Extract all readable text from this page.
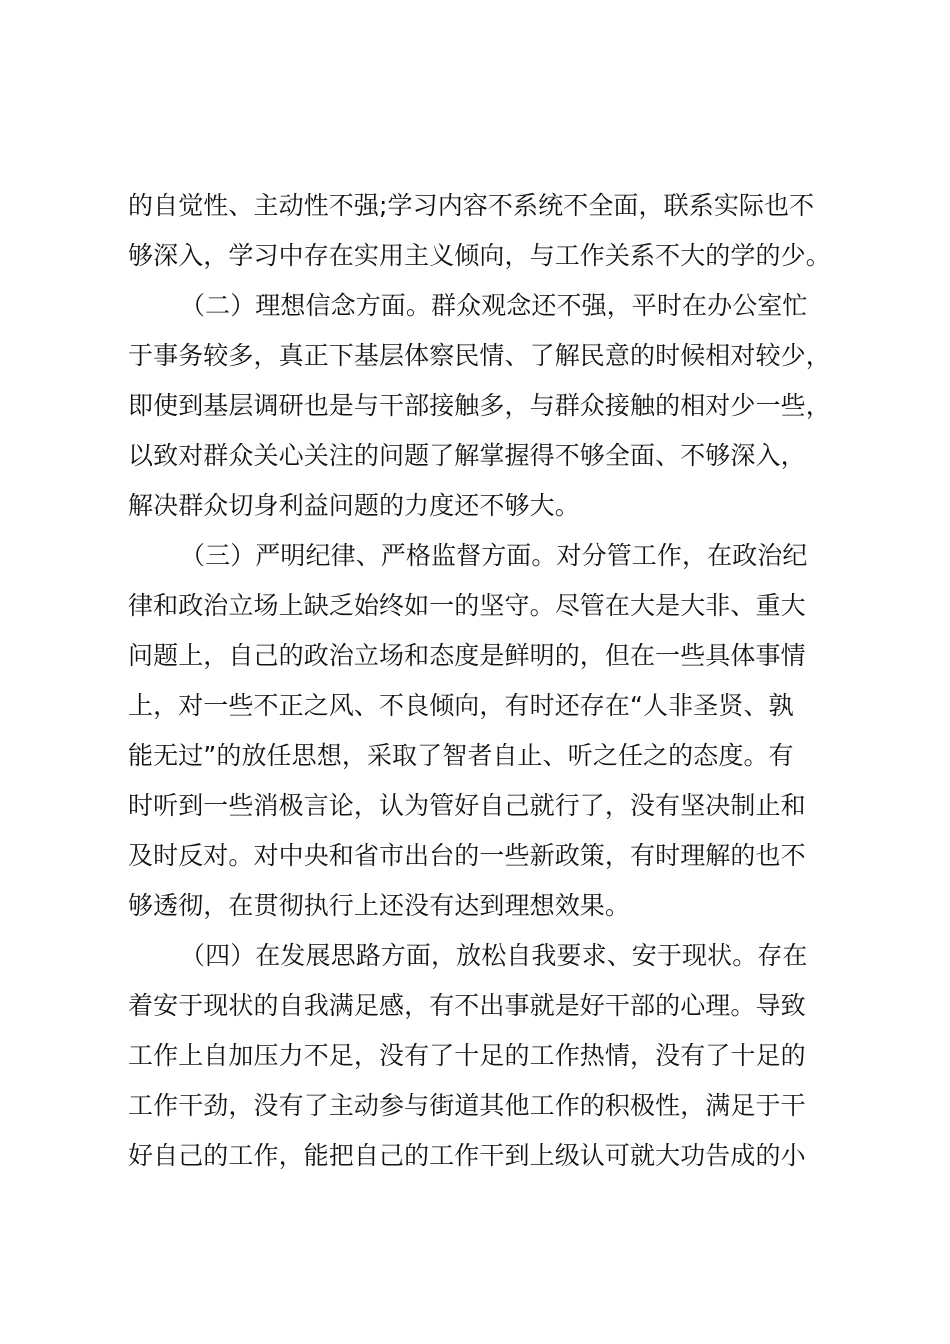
的自觉性、主动性不强;学习内容不系统不全面，联系实际也不
够深入，学习中存在实用主义倾向，与工作关系不大的学的少。
（二）理想信念方面。群众观念还不强，平时在办公室忙
于事务较多，真正下基层体察民情、了解民意的时候相对较少，
即使到基层调研也是与干部接触多，与群众接触的相对少一些，
以致对群众关心关注的问题了解掌握得不够全面、不够深入，
解决群众切身利益问题的力度还不够大。
（三）严明纪律、严格监督方面。对分管工作，在政治纪
律和政治立场上缺乏始终如一的坚守。尽管在大是大非、重大
问题上，自己的政治立场和态度是鲜明的，但在一些具体事情
上，对一些不正之风、不良倾向，有时还存在“人非圣贤、孰
能无过”的放任思想，采取了智者自止、听之任之的态度。有
时听到一些消极言论，认为管好自己就行了，没有坚决制止和
及时反对。对中央和省市出台的一些新政策，有时理解的也不
够透彻，在贯彻执行上还没有达到理想效果。
（四）在发展思路方面，放松自我要求、安于现状。存在
着安于现状的自我满足感，有不出事就是好干部的心理。导致
工作上自加压力不足，没有了十足的工作热情，没有了十足的
工作干劲，没有了主动参与街道其他工作的积极性，满足于干
好自己的工作，能把自己的工作干到上级认可就大功告成的小
